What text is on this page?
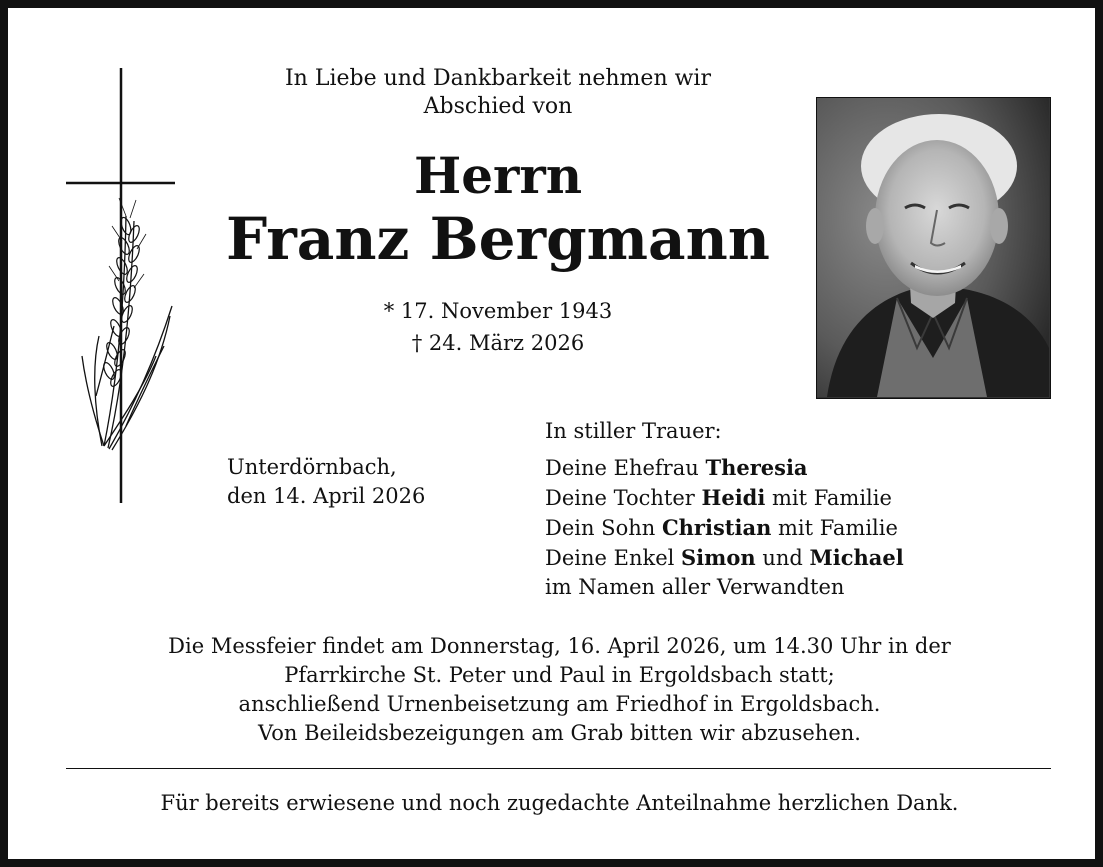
In Liebe und Dankbarkeit nehmen wir
Abschied von
Herrn
Franz Bergmann
* 17. November 1943
† 24. März 2026
Unterdörnbach,
den 14. April 2026
In stiller Trauer:
Deine Ehefrau Theresia
Deine Tochter Heidi mit Familie
Dein Sohn Christian mit Familie
Deine Enkel Simon und Michael
im Namen aller Verwandten
Die Messfeier findet am Donnerstag, 16. April 2026, um 14.30 Uhr in der
Pfarrkirche St. Peter und Paul in Ergoldsbach statt;
anschließend Urnenbeisetzung am Friedhof in Ergoldsbach.
Von Beileidsbezeigungen am Grab bitten wir abzusehen.
Für bereits erwiesene und noch zugedachte Anteilnahme herzlichen Dank.
